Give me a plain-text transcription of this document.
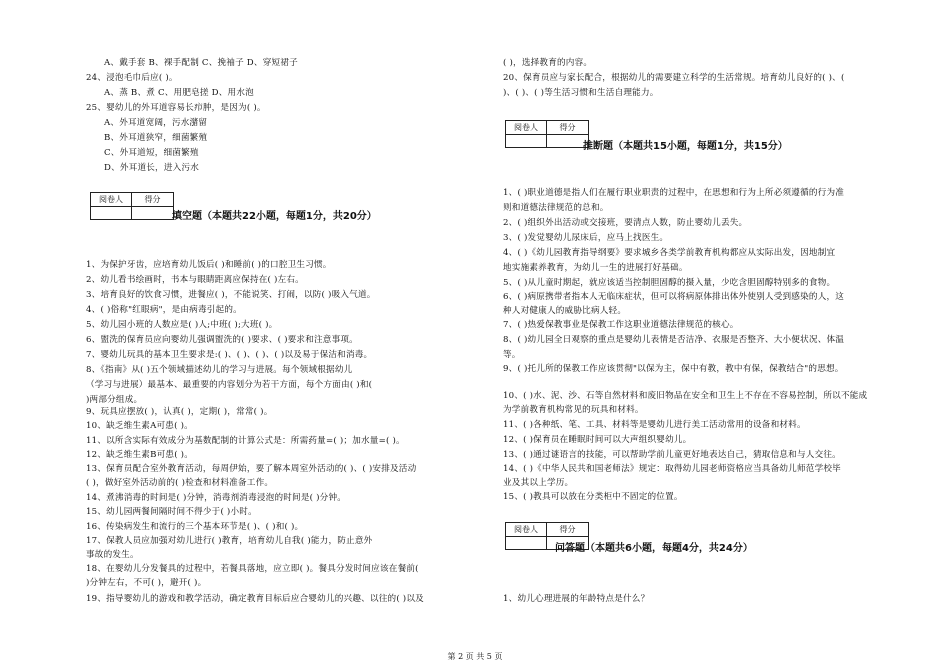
A、戴手套 B、裸手配制 C、挽袖子 D、穿短裙子
24、浸泡毛巾后应( )。
A、蒸 B、煮 C、用肥皂搓 D、用水泡
25、婴幼儿的外耳道容易长疖肿，是因为( )。
A、外耳道宽阔，污水潴留
B、外耳道狭窄，细菌繁殖
C、外耳道短，细菌繁殖
D、外耳道长，进入污水
阅卷人	得分
填空题（本题共22小题，每题1分，共20分）
1、为保护牙齿，应培育幼儿饭后( )和睡前( )的口腔卫生习惯。
2、幼儿看书绘画时，书本与眼睛距离应保持在( )左右。
3、培育良好的饮食习惯，进餐应( )，不能说笑、打闹，以防( )吸入气道。
4、( )俗称"红眼病"，是由病毒引起的。
5、幼儿园小班的人数应是( )人;中班( );大班( )。
6、盥洗的保育员应向婴幼儿强调盥洗的( )要求、( )要求和注意事项。
7、婴幼儿玩具的基本卫生要求是:( )、( )、( )、( )以及易于保洁和消毒。
8、《指南》从( )五个领域描述幼儿的学习与进展。每个领域根据幼儿
（学习与进展）最基本、最重要的内容划分为若干方面，每个方面由( )和(
)两部分组成。
9、玩具应摆放( )，认真( )，定期( )，常常( )。
10、缺乏维生素A可患( )。
11、以所含实际有效成分为基数配制的计算公式是：所需药量=( )；加水量=( )。
12、缺乏维生素B可患( )。
13、保育员配合室外教育活动，每周伊始，要了解本周室外活动的( )、( )安排及活动
( )，做好室外活动前的( )检查和材料准备工作。
14、煮沸消毒的时间是( )分钟，消毒剂消毒浸泡的时间是( )分钟。
15、幼儿园两餐间隔时间不得少于( )小时。
16、传染病发生和流行的三个基本环节是( )、( )和( )。
17、保教人员应加强对幼儿进行( )教育，培育幼儿自我( )能力，防止意外
事故的发生。
18、在婴幼儿分发餐具的过程中，若餐具落地，应立即( )。餐具分发时间应该在餐前(
)分钟左右，不可( )，避开( )。
19、指导婴幼儿的游戏和教学活动，确定教育目标后应合婴幼儿的兴趣、以往的( )以及
( )，选择教育的内容。
20、保育员应与家长配合，根据幼儿的需要建立科学的生活常规。培育幼儿良好的( )、(
)、( )、( )等生活习惯和生活自理能力。
阅卷人	得分
推断题（本题共15小题，每题1分，共15分）
1、( )职业道德是指人们在履行职业职责的过程中，在思想和行为上所必须遵循的行为准
则和道德法律规范的总和。
2、( )组织外出活动或交接班，要清点人数，防止婴幼儿丢失。
3、( )发觉婴幼儿尿床后，应马上找医生。
4、( )《幼儿园教育指导纲要》要求城乡各类学前教育机构都应从实际出发，因地制宜
地实施素养教育，为幼儿一生的进展打好基础。
5、( )从儿童时期起，就应该适当控制胆固醇的摄入量，少吃含胆固醇特别多的食物。
6、( )病原携带者指本人无临床症状，但可以将病原体排出体外使别人受到感染的人，这
种人对健康人的威胁比病人轻。
7、( )热爱保教事业是保教工作这职业道德法律规范的核心。
8、( )幼儿园全日观察的重点是婴幼儿表情是否洁净、衣服是否整齐、大小便状况、体温
等。
9、( )托儿所的保教工作应该贯彻"以保为主，保中有教，教中有保，保教结合"的思想。
10、( )水、泥、沙、石等自然材料和废旧物品在安全和卫生上不存在不容易控制，所以不能成
为学前教育机构常见的玩具和材料。
11、( )各种纸、笔、工具、材料等是婴幼儿进行美工活动常用的设备和材料。
12、( )保育员在睡眠时间可以大声组织婴幼儿。
13、( )通过谜语言的技能，可以帮助学前儿童更好地表达自己，猜取信息和与人交往。
14、( )《中华人民共和国老师法》规定：取得幼儿园老师资格应当具备幼儿师范学校毕
业及其以上学历。
15、( )教具可以放在分类柜中不固定的位置。
阅卷人	得分
问答题（本题共6小题，每题4分，共24分）
1、幼儿心理进展的年龄特点是什么？
第 2 页 共 5 页
